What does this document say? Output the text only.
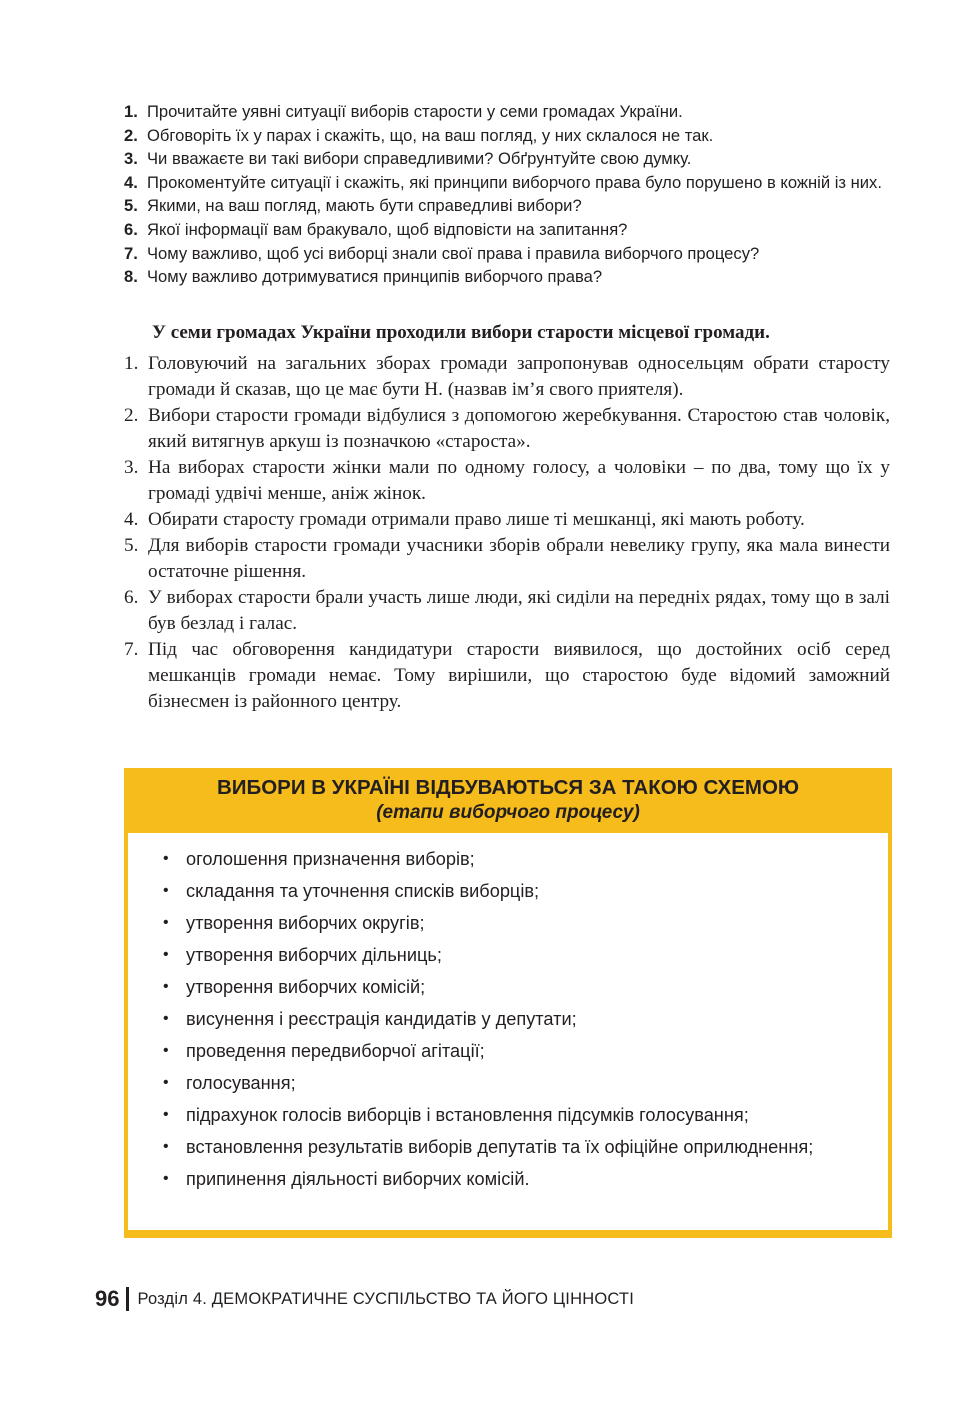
1. Прочитайте уявні ситуації виборів старости у семи громадах України.
2. Обговоріть їх у парах і скажіть, що, на ваш погляд, у них склалося не так.
3. Чи вважаєте ви такі вибори справедливими? Обґрунтуйте свою думку.
4. Прокоментуйте ситуації і скажіть, які принципи виборчого права було порушено в кожній із них.
5. Якими, на ваш погляд, мають бути справедливі вибори?
6. Якої інформації вам бракувало, щоб відповісти на запитання?
7. Чому важливо, щоб усі виборці знали свої права і правила виборчого процесу?
8. Чому важливо дотримуватися принципів виборчого права?
У семи громадах України проходили вибори старости місцевої громади.
1. Головуючий на загальних зборах громади запропонував односельцям обрати старосту громади й сказав, що це має бути Н. (назвав ім’я свого приятеля).
2. Вибори старости громади відбулися з допомогою жеребкування. Старостою став чоловік, який витягнув аркуш із позначкою «староста».
3. На виборах старости жінки мали по одному голосу, а чоловіки – по два, тому що їх у громаді удвічі менше, аніж жінок.
4. Обирати старосту громади отримали право лише ті мешканці, які мають роботу.
5. Для виборів старости громади учасники зборів обрали невелику групу, яка мала винести остаточне рішення.
6. У виборах старости брали участь лише люди, які сиділи на передніх рядах, тому що в залі був безлад і галас.
7. Під час обговорення кандидатури старости виявилося, що достойних осіб серед мешканців громади немає. Тому вирішили, що старостою буде відомий заможний бізнесмен із районного центру.
ВИБОРИ В УКРАЇНІ ВІДБУВАЮТЬСЯ ЗА ТАКОЮ СХЕМОЮ
(етапи виборчого процесу)
• оголошення призначення виборів;
• складання та уточнення списків виборців;
• утворення виборчих округів;
• утворення виборчих дільниць;
• утворення виборчих комісій;
• висунення і реєстрація кандидатів у депутати;
• проведення передвиборчої агітації;
• голосування;
• підрахунок голосів виборців і встановлення підсумків голосування;
• встановлення результатів виборів депутатів та їх офіційне оприлюднення;
• припинення діяльності виборчих комісій.
96 Розділ 4. ДЕМОКРАТИЧНЕ СУСПІЛЬСТВО ТА ЙОГО ЦІННОСТІ
